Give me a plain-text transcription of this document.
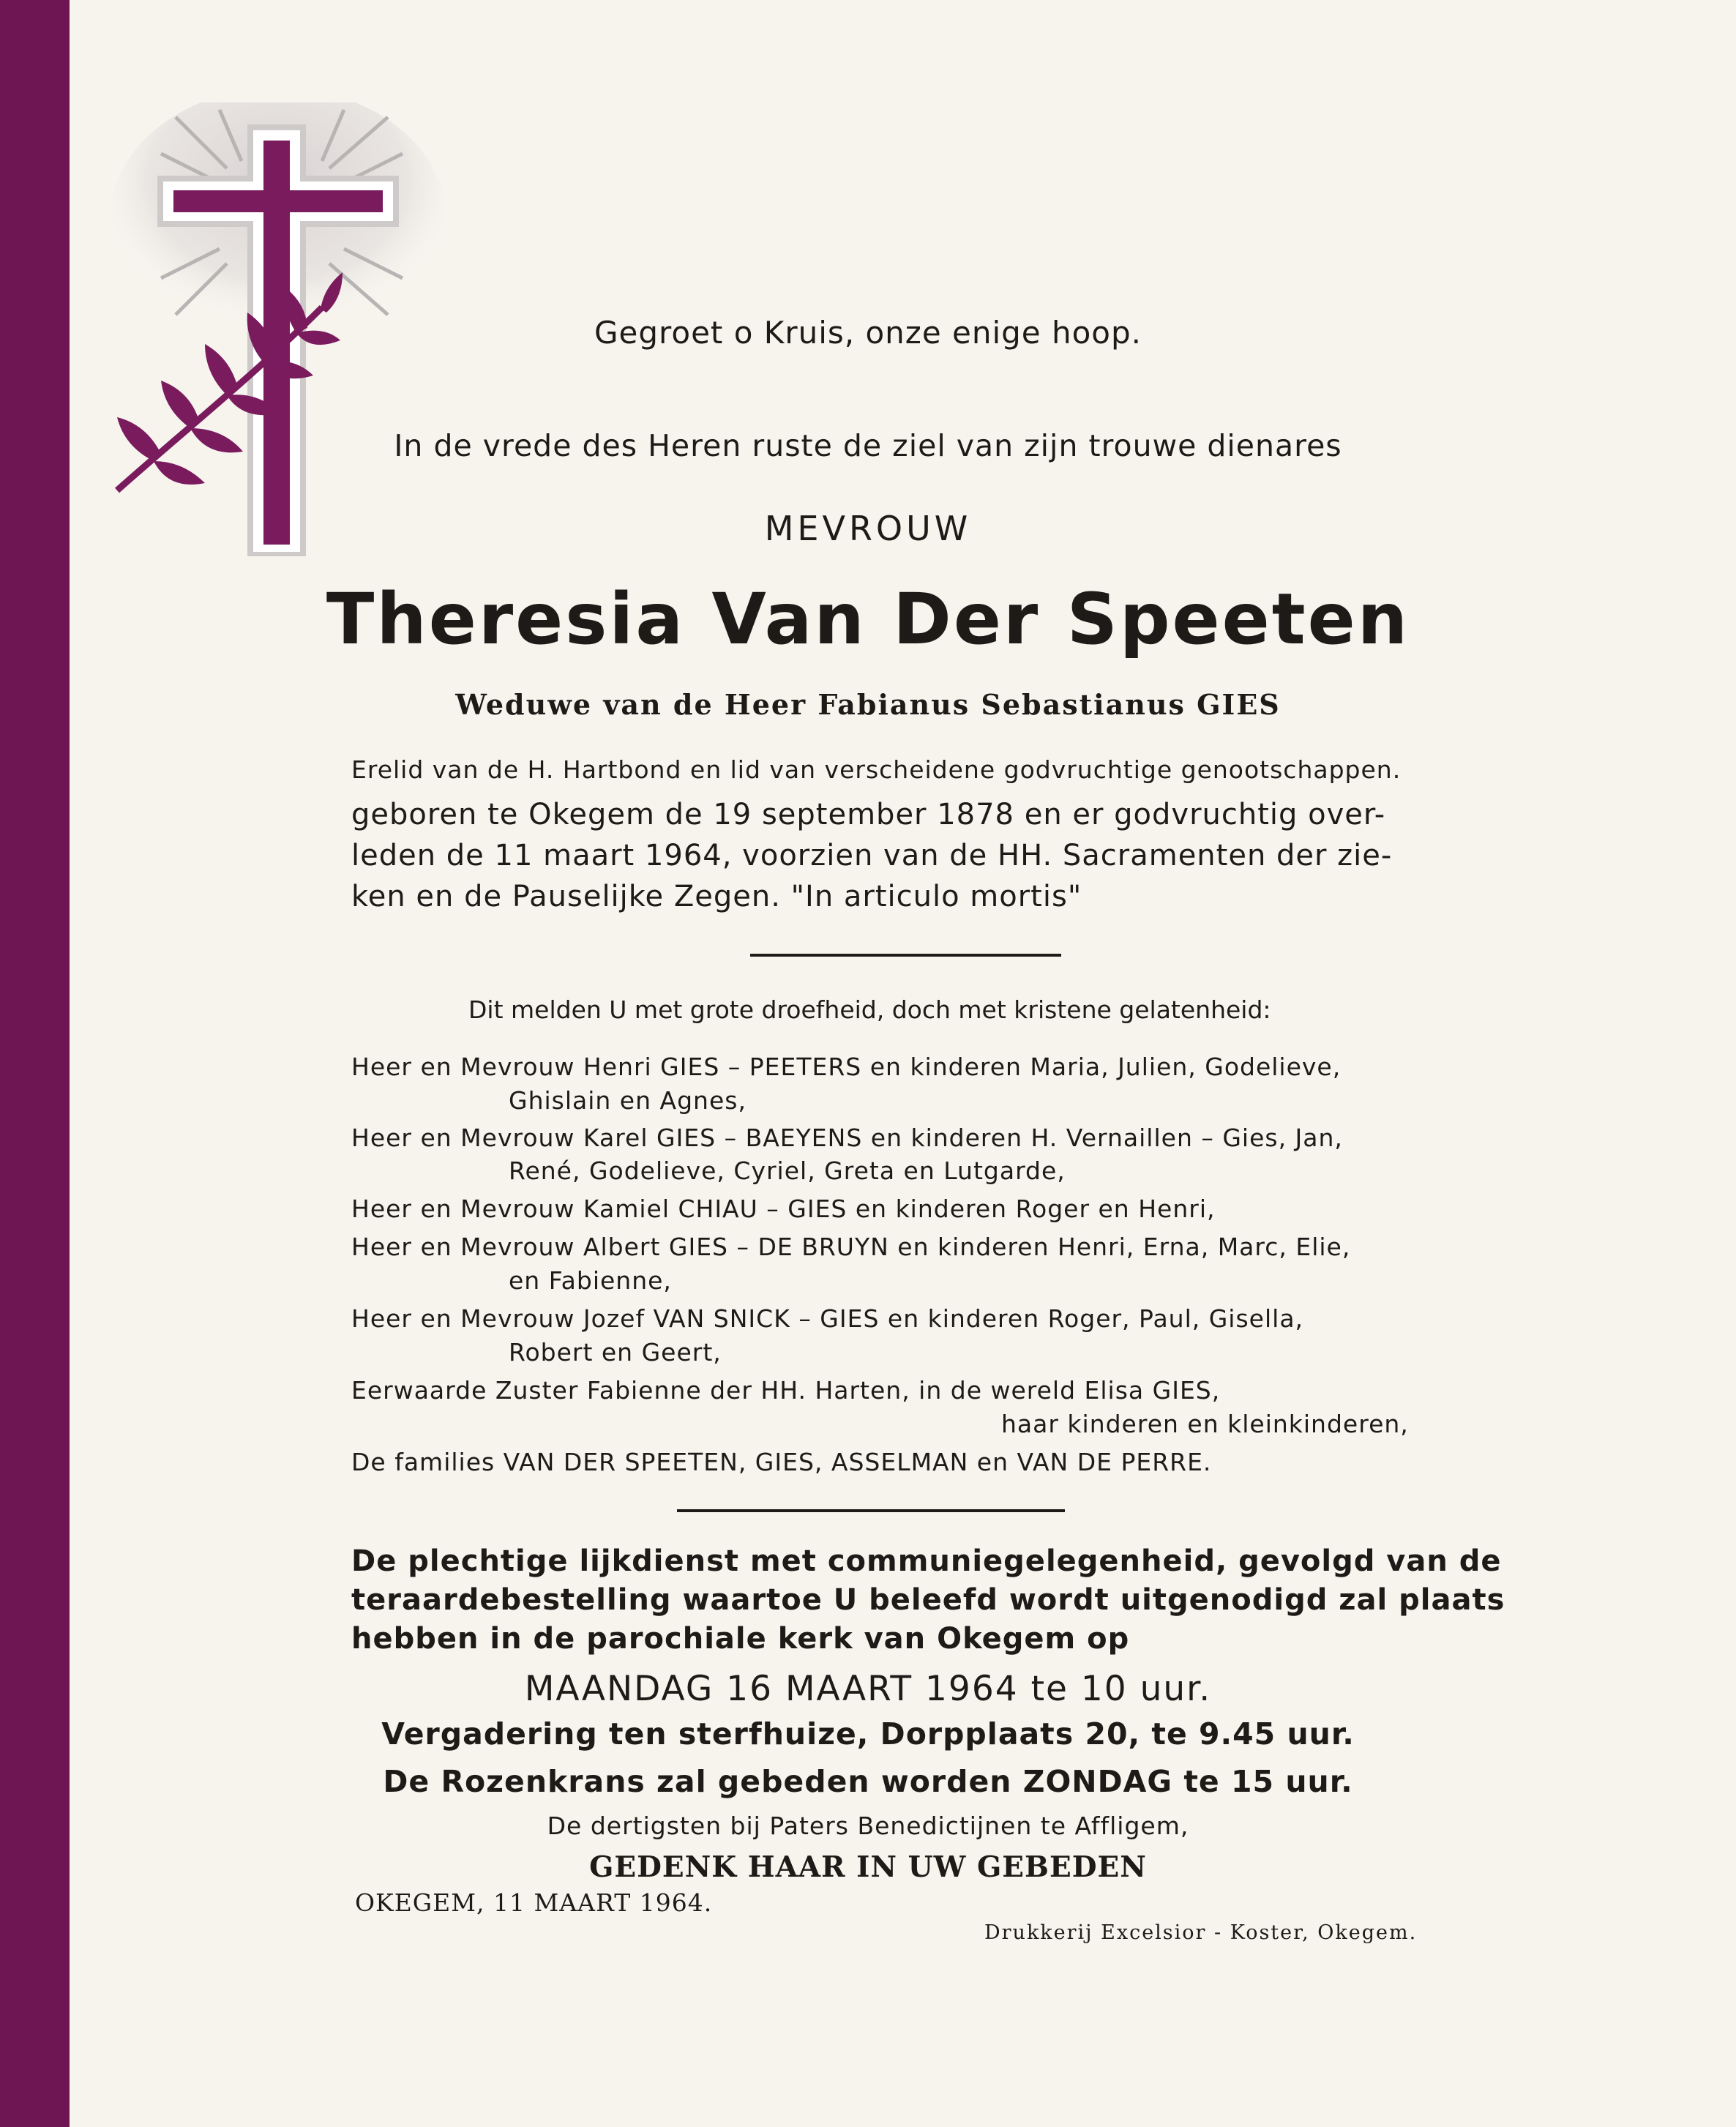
Gegroet o Kruis, onze enige hoop.
In de vrede des Heren ruste de ziel van zijn trouwe dienares
MEVROUW
Theresia Van Der Speeten
Weduwe van de Heer Fabianus Sebastianus GIES
Erelid van de H. Hartbond en lid van verscheidene godvruchtige genootschappen.
geboren te Okegem de 19 september 1878 en er godvruchtig over-
leden de 11 maart 1964, voorzien van de HH. Sacramenten der zie-
ken en de Pauselijke Zegen. "In articulo mortis"
Dit melden U met grote droefheid, doch met kristene gelatenheid:
Heer en Mevrouw Henri GIES – PEETERS en kinderen Maria, Julien, Godelieve,
Ghislain en Agnes,
Heer en Mevrouw Karel GIES – BAEYENS en kinderen H. Vernaillen – Gies, Jan,
René, Godelieve, Cyriel, Greta en Lutgarde,
Heer en Mevrouw Kamiel CHIAU – GIES en kinderen Roger en Henri,
Heer en Mevrouw Albert GIES – DE BRUYN en kinderen Henri, Erna, Marc, Elie,
en Fabienne,
Heer en Mevrouw Jozef VAN SNICK – GIES en kinderen Roger, Paul, Gisella,
Robert en Geert,
Eerwaarde Zuster Fabienne der HH. Harten, in de wereld Elisa GIES,
haar kinderen en kleinkinderen,
De families VAN DER SPEETEN, GIES, ASSELMAN en VAN DE PERRE.
De plechtige lijkdienst met communiegelegenheid, gevolgd van de
teraardebestelling waartoe U beleefd wordt uitgenodigd zal plaats
hebben in de parochiale kerk van Okegem op
MAANDAG 16 MAART 1964 te 10 uur.
Vergadering ten sterfhuize, Dorpplaats 20, te 9.45 uur.
De Rozenkrans zal gebeden worden ZONDAG te 15 uur.
De dertigsten bij Paters Benedictijnen te Affligem,
GEDENK HAAR IN UW GEBEDEN
OKEGEM, 11 MAART 1964.
Drukkerij Excelsior - Koster, Okegem.
